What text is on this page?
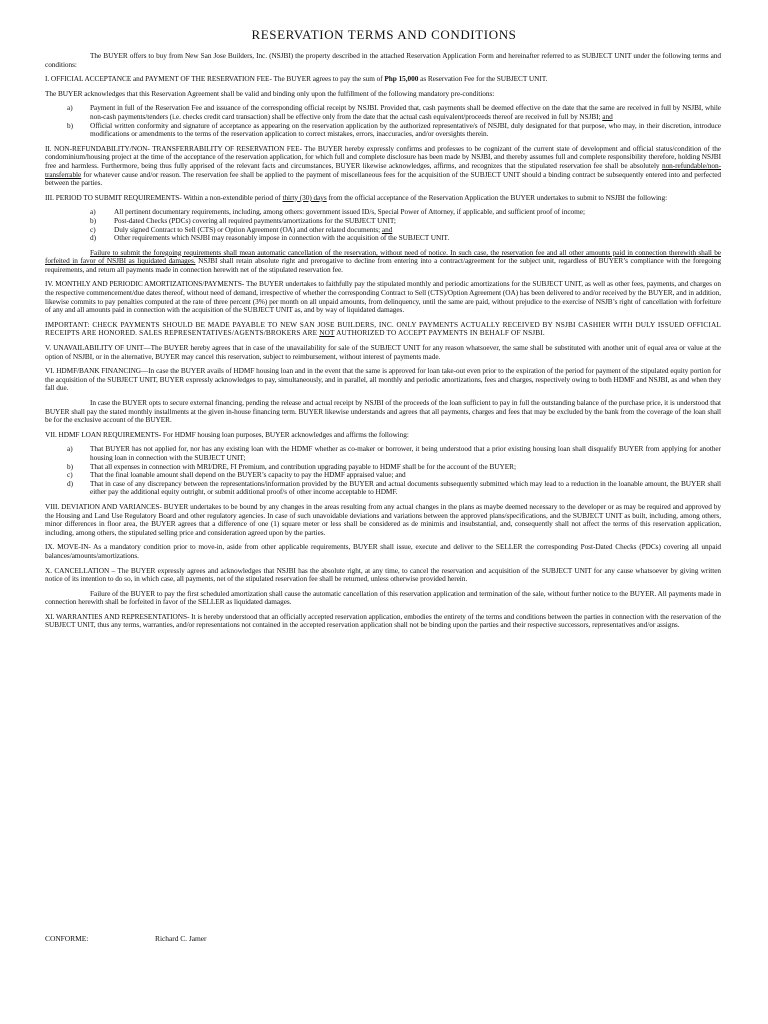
RESERVATION TERMS AND CONDITIONS

The BUYER offers to buy from New San Jose Builders, Inc. (NSJBI) the property described in the attached Reservation Application Form and hereinafter referred to as SUBJECT UNIT under the following terms and conditions:

I. OFFICIAL ACCEPTANCE and PAYMENT OF THE RESERVATION FEE- The BUYER agrees to pay the sum of Php 15,000 as Reservation Fee for the SUBJECT UNIT.

The BUYER acknowledges that this Reservation Agreement shall be valid and binding only upon the fulfillment of the following mandatory pre-conditions:

a)	Payment in full of the Reservation Fee and issuance of the corresponding official receipt by NSJBI. Provided that, cash payments shall be deemed effective on the date that the same are received in full by NSJBI, while non-cash payments/tenders (i.e. checks credit card transaction) shall be effective only from the date that the actual cash equivalent/proceeds thereof are received in full by NSJBI; and
b)	Official written conformity and signature of acceptance as appearing on the reservation application by the authorized representative/s of NSJBI, duly designated for that purpose, who may, in their discretion, introduce modifications or amendments to the terms of the reservation application to correct mistakes, errors, inaccuracies, and/or oversights therein.

II. NON-REFUNDABILITY/NON- TRANSFERRABILITY OF RESERVATION FEE- The BUYER hereby expressly confirms and professes to be cognizant of the current state of development and official status/condition of the condominium/housing project at the time of the acceptance of the reservation application, for which full and complete disclosure has been made by NSJBI, and thereby assumes full and complete responsibility therefore, holding NSJBI free and harmless. Furthermore, being thus fully apprised of the relevant facts and circumstances, BUYER likewise acknowledges, affirms, and recognizes that the stipulated reservation fee shall be absolutely non-refundable/non-transferrable for whatever cause and/or reason. The reservation fee shall be applied to the payment of miscellaneous fees for the acquisition of the SUBJECT UNIT should a binding contract be subsequently entered into and perfected between the parties.

III. PERIOD TO SUBMIT REQUIREMENTS- Within a non-extendible period of thirty (30) days from the official acceptance of the Reservation Application the BUYER undertakes to submit to NSJBI the following:

a)	All pertinent documentary requirements, including, among others: government issued ID/s, Special Power of Attorney, if applicable, and sufficient proof of income;
b)	Post-dated Checks (PDCs) covering all required payments/amortizations for the SUBJECT UNIT;
c)	Duly signed Contract to Sell (CTS) or Option Agreement (OA) and other related documents; and
d)	Other requirements which NSJBI may reasonably impose in connection with the acquisition of the SUBJECT UNIT.

Failure to submit the foregoing requirements shall mean automatic cancellation of the reservation, without need of notice. In such case, the reservation fee and all other amounts paid in connection therewith shall be forfeited in favor of NSJBI as liquidated damages. NSJBI shall retain absolute right and prerogative to decline from entering into a contract/agreement for the subject unit, regardless of BUYER’s compliance with the foregoing requirements, and return all payments made in connection herewith net of the stipulated reservation fee.

IV. MONTHLY AND PERIODIC AMORTIZATIONS/PAYMENTS- The BUYER undertakes to faithfully pay the stipulated monthly and periodic amortizations for the SUBJECT UNIT, as well as other fees, payments, and charges on the respective commencement/due dates thereof, without need of demand, irrespective of whether the corresponding Contract to Sell (CTS)/Option Agreement (OA) has been delivered to and/or received by the BUYER, and in addition, likewise commits to pay penalties computed at the rate of three percent (3%) per month on all unpaid amounts, from delinquency, until the same are paid, without prejudice to the exercise of NSJB’s right of cancellation with forfeiture of any and all amounts paid in connection with the acquisition of the SUBJECT UNIT as, and by way of liquidated damages.

IMPORTANT: CHECK PAYMENTS SHOULD BE MADE PAYABLE TO NEW SAN JOSE BUILDERS, INC. ONLY PAYMENTS ACTUALLY RECEIVED BY NSJBI CASHIER WITH DULY ISSUED OFFICIAL RECEIPTS ARE HONORED. SALES REPRESENTATIVES/AGENTS/BROKERS ARE NOT AUTHORIZED TO ACCEPT PAYMENTS IN BEHALF OF NSJBI.

V. UNAVAILABILITY OF UNIT—The BUYER hereby agrees that in case of the unavailability for sale of the SUBJECT UNIT for any reason whatsoever, the same shall be substituted with another unit of equal area or value at the option of NSJBI, or in the alternative, BUYER may cancel this reservation, subject to reimbursement, without interest of payments made.

VI. HDMF/BANK FINANCING—In case the BUYER avails of HDMF housing loan and in the event that the same is approved for loan take-out even prior to the expiration of the period for payment of the stipulated equity portion for the acquisition of the SUBJECT UNIT, BUYER expressly acknowledges to pay, simultaneously, and in parallel, all monthly and periodic amortizations, fees and charges, respectively owing to both HDMF and NSJBI, as and when they fall due.

In case the BUYER opts to secure external financing, pending the release and actual receipt by NSJBI of the proceeds of the loan sufficient to pay in full the outstanding balance of the purchase price, it is understood that BUYER shall pay the stated monthly installments at the given in-house financing term. BUYER likewise understands and agrees that all payments, charges and fees that may be excluded by the bank from the coverage of the loan shall be for the exclusive account of the BUYER.

VII. HDMF LOAN REQUIREMENTS- For HDMF housing loan purposes, BUYER acknowledges and affirms the following:

a)	That BUYER has not applied for, nor has any existing loan with the HDMF whether as co-maker or borrower, it being understood that a prior existing housing loan shall disqualify BUYER from applying for another housing loan in connection with the SUBJECT UNIT;
b)	That all expenses in connection with MRI/DRE, FI Premium, and contribution upgrading payable to HDMF shall be for the account of the BUYER;
c)	That the final loanable amount shall depend on the BUYER’s capacity to pay the HDMF appraised value; and
d)	That in case of any discrepancy between the representations/information provided by the BUYER and actual documents subsequently submitted which may lead to a reduction in the loanable amount, the BUYER shall either pay the additional equity outright, or submit additional proof/s of other income acceptable to HDMF.

VIII. DEVIATION AND VARIANCES- BUYER undertakes to be bound by any changes in the areas resulting from any actual changes in the plans as maybe deemed necessary to the developer or as may be required and approved by the Housing and Land Use Regulatory Board and other regulatory agencies. In case of such unavoidable deviations and variations between the approved plans/specifications, and the SUBJECT UNIT as built, including, among others, minor differences in floor area, the BUYER agrees that a difference of one (1) square meter or less shall be considered as de minimis and insubstantial, and, consequently shall not affect the terms of this reservation application, including, among others, the stipulated selling price and consideration agreed upon by the parties.

IX. MOVE-IN- As a mandatory condition prior to move-in, aside from other applicable requirements, BUYER shall issue, execute and deliver to the SELLER the corresponding Post-Dated Checks (PDCs) covering all unpaid balances/amounts/amortizations.

X. CANCELLATION – The BUYER expressly agrees and acknowledges that NSJBI has the absolute right, at any time, to cancel the reservation and acquisition of the SUBJECT UNIT for any cause whatsoever by giving written notice of its intention to do so, in which case, all payments, net of the stipulated reservation fee shall be returned, unless otherwise provided herein.

Failure of the BUYER to pay the first scheduled amortization shall cause the automatic cancellation of this reservation application and termination of the sale, without further notice to the BUYER. All payments made in connection herewith shall be forfeited in favor of the SELLER as liquidated damages.

XI. WARRANTIES AND REPRESENTATIONS- It is hereby understood that an officially accepted reservation application, embodies the entirety of the terms and conditions between the parties in connection with the reservation of the SUBJECT UNIT, thus any terms, warranties, and/or representations not contained in the accepted reservation application shall not be binding upon the parties and their respective successors, representatives and/or assigns.

CONFORME:	Richard C. Jamer
